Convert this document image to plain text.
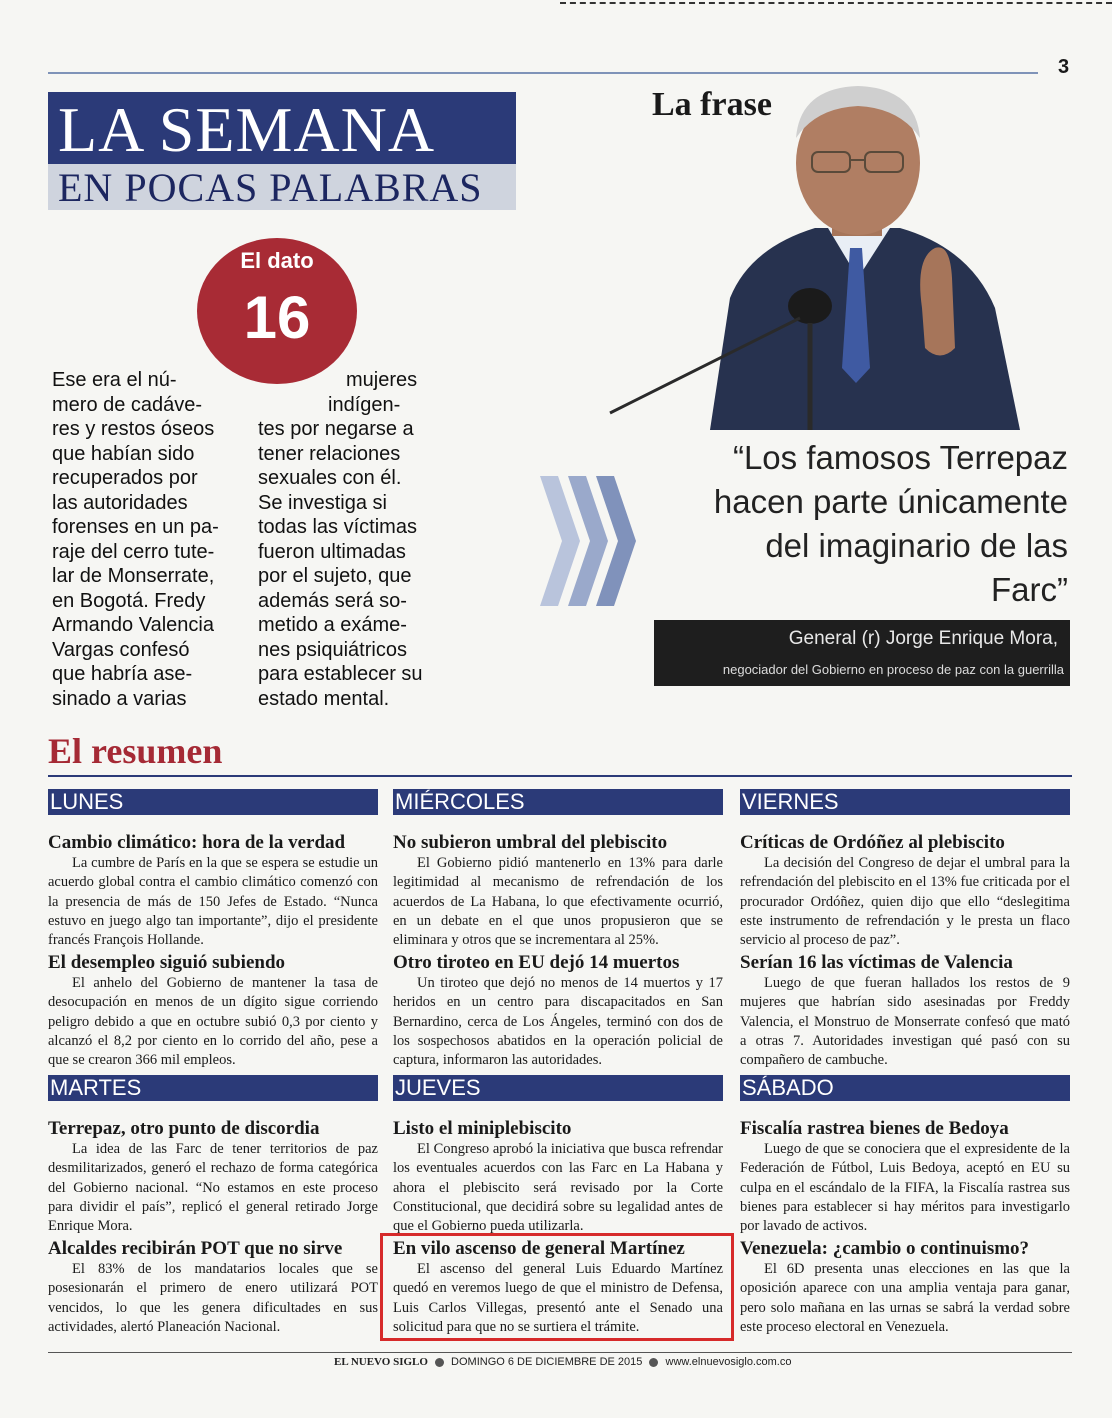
3
LA SEMANA
EN POCAS PALABRAS
El dato
16
Ese era el nú-
mero de cadáve-
res y restos óseos
que habían sido
recuperados por
las autoridades
forenses en un pa-
raje del cerro tute-
lar de Monserrate,
en Bogotá. Fredy
Armando Valencia
Vargas confesó
que habría ase-
sinado a varias
mujeres
indígen-
tes por negarse a
tener relaciones
sexuales con él.
Se investiga si
todas las víctimas
fueron ultimadas
por el sujeto, que
además será so-
metido a exáme-
nes psiquiátricos
para establecer su
estado mental.
La frase
“Los famosos Terrepaz
hacen parte únicamente
del imaginario de las
Farc”
General (r) Jorge Enrique Mora,
negociador del Gobierno en proceso de paz con la guerrilla
El resumen
LUNES
Cambio climático: hora de la verdad
La cumbre de París en la que se espera se estudie un acuerdo global contra el cambio climático comenzó con la presencia de más de 150 Jefes de Estado. “Nunca estuvo en juego algo tan importante”, dijo el presidente francés François Hollande.
El desempleo siguió subiendo
El anhelo del Gobierno de mantener la tasa de desocupación en menos de un dígito sigue corriendo peligro debido a que en octubre subió 0,3 por ciento y alcanzó el 8,2 por ciento en lo corrido del año, pese a que se crearon 366 mil empleos.
MIÉRCOLES
No subieron umbral del plebiscito
El Gobierno pidió mantenerlo en 13% para darle legitimidad al mecanismo de refrendación de los acuerdos de La Habana, lo que efectivamente ocurrió, en un debate en el que unos propusieron que se eliminara y otros que se incrementara al 25%.
Otro tiroteo en EU dejó 14 muertos
Un tiroteo que dejó no menos de 14 muertos y 17 heridos en un centro para discapacitados en San Bernardino, cerca de Los Ángeles, terminó con dos de los sospechosos abatidos en la operación policial de captura, informaron las autoridades.
VIERNES
Críticas de Ordóñez al plebiscito
La decisión del Congreso de dejar el umbral para la refrendación del plebiscito en el 13% fue criticada por el procurador Ordóñez, quien dijo que ello “deslegitima este instrumento de refrendación y le presta un flaco servicio al proceso de paz”.
Serían 16 las víctimas de Valencia
Luego de que fueran hallados los restos de 9 mujeres que habrían sido asesinadas por Freddy Valencia, el Monstruo de Monserrate confesó que mató a otras 7. Autoridades investigan qué pasó con su compañero de cambuche.
MARTES
Terrepaz, otro punto de discordia
La idea de las Farc de tener territorios de paz desmilitarizados, generó el rechazo de forma categórica del Gobierno nacional. “No estamos en este proceso para dividir el país”, replicó el general retirado Jorge Enrique Mora.
Alcaldes recibirán POT que no sirve
El 83% de los mandatarios locales que se posesionarán el primero de enero utilizará POT vencidos, lo que les genera dificultades en sus actividades, alertó Planeación Nacional.
JUEVES
Listo el miniplebiscito
El Congreso aprobó la iniciativa que busca refrendar los eventuales acuerdos con las Farc en La Habana y ahora el plebiscito será revisado por la Corte Constitucional, que decidirá sobre su legalidad antes de que el Gobierno pueda utilizarla.
En vilo ascenso de general Martínez
El ascenso del general Luis Eduardo Martínez quedó en veremos luego de que el ministro de Defensa, Luis Carlos Villegas, presentó ante el Senado una solicitud para que no se surtiera el trámite.
SÁBADO
Fiscalía rastrea bienes de Bedoya
Luego de que se conociera que el expresidente de la Federación de Fútbol, Luis Bedoya, aceptó en EU su culpa en el escándalo de la FIFA, la Fiscalía rastrea sus bienes para establecer si hay méritos para investigarlo por lavado de activos.
Venezuela: ¿cambio o continuismo?
El 6D presenta unas elecciones en las que la oposición aparece con una amplia ventaja para ganar, pero solo mañana en las urnas se sabrá la verdad sobre este proceso electoral en Venezuela.
EL NUEVO SIGLO DOMINGO 6 DE DICIEMBRE DE 2015 www.elnuevosiglo.com.co
